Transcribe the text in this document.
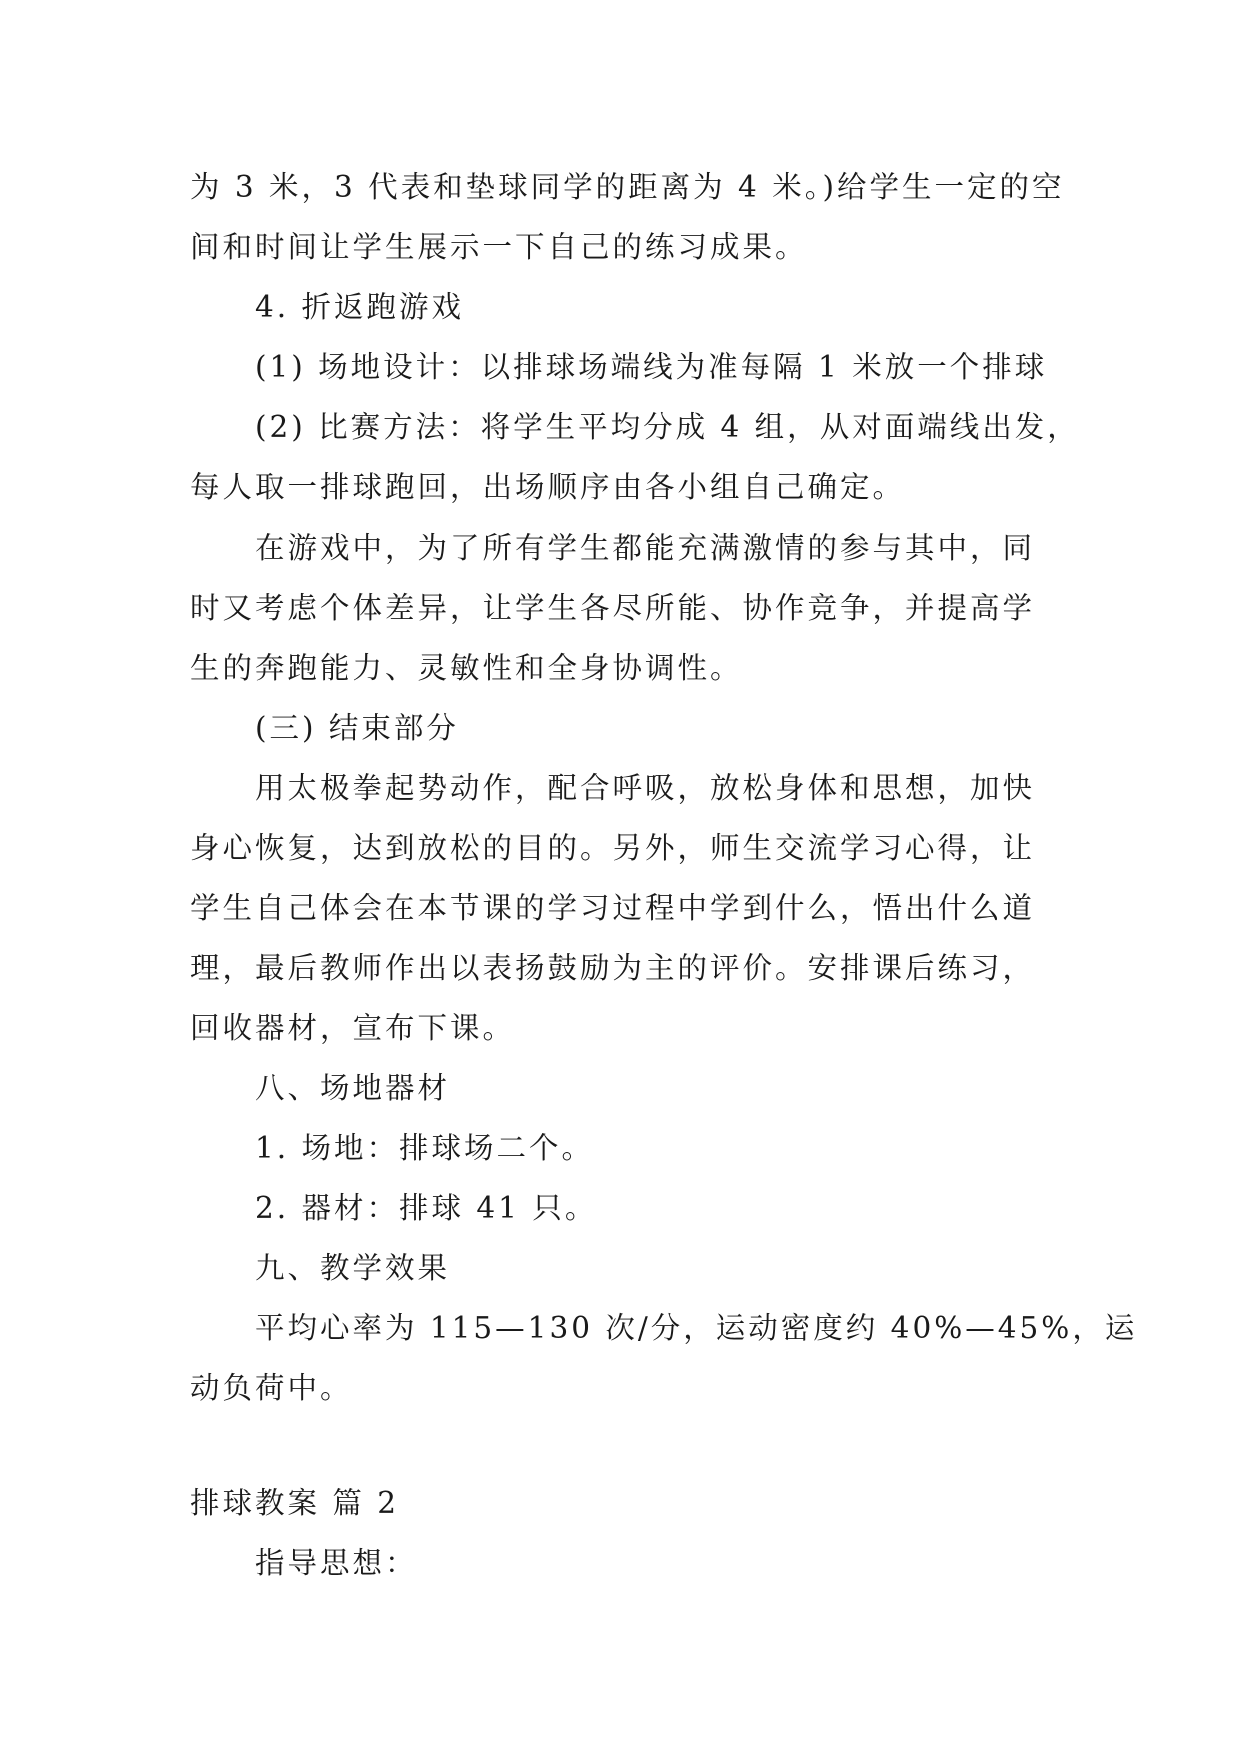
为 3 米，3 代表和垫球同学的距离为 4 米。)给学生一定的空
间和时间让学生展示一下自己的练习成果。
4. 折返跑游戏
(1) 场地设计：以排球场端线为准每隔 1 米放一个排球
(2) 比赛方法：将学生平均分成 4 组，从对面端线出发，
每人取一排球跑回，出场顺序由各小组自己确定。
在游戏中，为了所有学生都能充满激情的参与其中，同
时又考虑个体差异，让学生各尽所能、协作竞争，并提高学
生的奔跑能力、灵敏性和全身协调性。
(三) 结束部分
用太极拳起势动作，配合呼吸，放松身体和思想，加快
身心恢复，达到放松的目的。另外，师生交流学习心得，让
学生自己体会在本节课的学习过程中学到什么，悟出什么道
理，最后教师作出以表扬鼓励为主的评价。安排课后练习，
回收器材，宣布下课。
八、场地器材
1. 场地：排球场二个。
2. 器材：排球 41 只。
九、教学效果
平均心率为 115—130 次/分，运动密度约 40%—45%，运
动负荷中。
排球教案 篇 2
指导思想：
